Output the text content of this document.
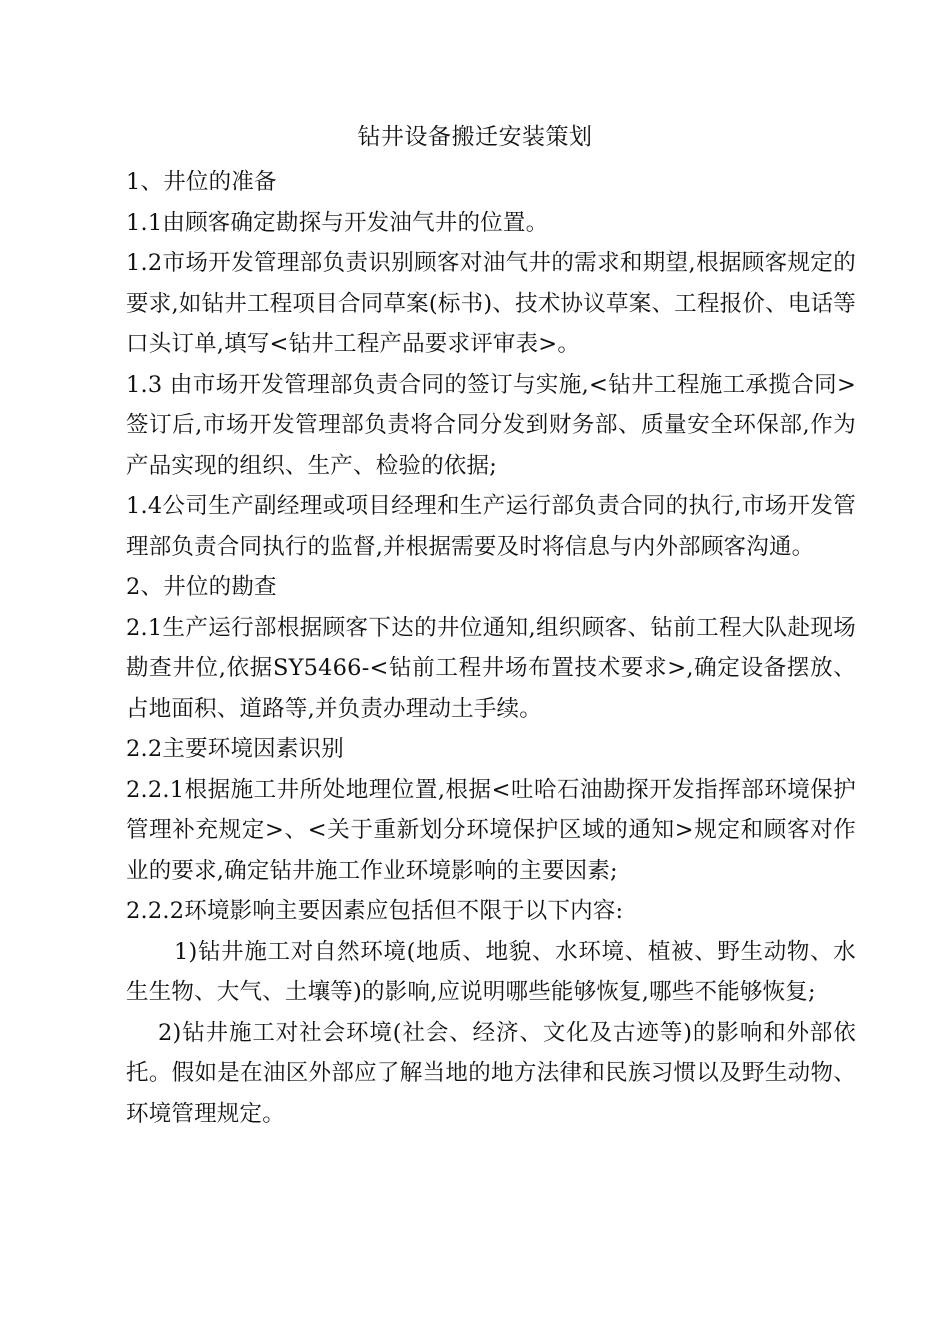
钻井设备搬迁安装策划

1、井位的准备

1.1由顾客确定勘探与开发油气井的位置。

1.2市场开发管理部负责识别顾客对油气井的需求和期望,根据顾客规定的要求,如钻井工程项目合同草案(标书)、技术协议草案、工程报价、电话等口头订单,填写<钻井工程产品要求评审表>。

1.3 由市场开发管理部负责合同的签订与实施,<钻井工程施工承揽合同>签订后,市场开发管理部负责将合同分发到财务部、质量安全环保部,作为产品实现的组织、生产、检验的依据;

1.4公司生产副经理或项目经理和生产运行部负责合同的执行,市场开发管理部负责合同执行的监督,并根据需要及时将信息与内外部顾客沟通。

2、井位的勘查

2.1生产运行部根据顾客下达的井位通知,组织顾客、钻前工程大队赴现场勘查井位,依据SY5466-<钻前工程井场布置技术要求>,确定设备摆放、占地面积、道路等,并负责办理动土手续。

2.2主要环境因素识别

2.2.1根据施工井所处地理位置,根据<吐哈石油勘探开发指挥部环境保护管理补充规定>、<关于重新划分环境保护区域的通知>规定和顾客对作业的要求,确定钻井施工作业环境影响的主要因素;

2.2.2环境影响主要因素应包括但不限于以下内容:

1)钻井施工对自然环境(地质、地貌、水环境、植被、野生动物、水生生物、大气、土壤等)的影响,应说明哪些能够恢复,哪些不能够恢复;

2)钻井施工对社会环境(社会、经济、文化及古迹等)的影响和外部依托。假如是在油区外部应了解当地的地方法律和民族习惯以及野生动物、环境管理规定。
